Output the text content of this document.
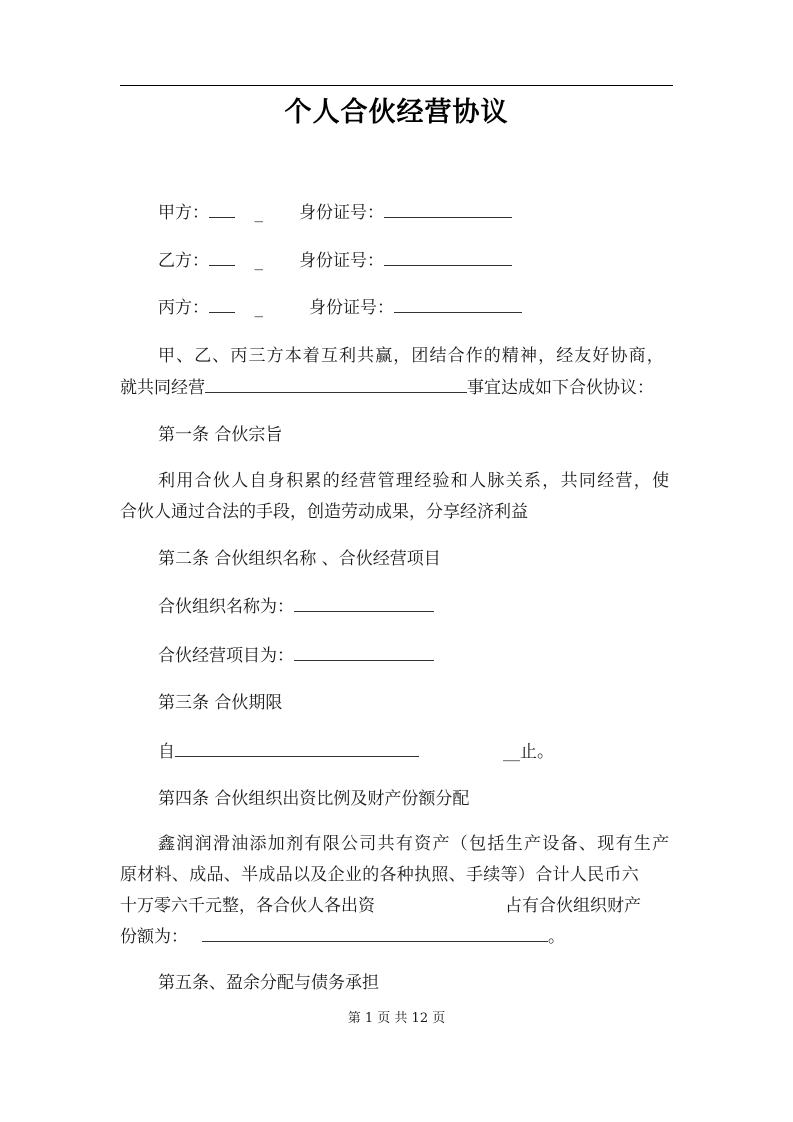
个人合伙经营协议
甲方：	_ 身份证号：
乙方：	_ 身份证号：
丙方：	_	身份证号：
甲、乙、丙三方本着互利共赢，团结合作的精神，经友好协商，
就共同经营	事宜达成如下合伙协议：
第一条 合伙宗旨
利用合伙人自身积累的经营管理经验和人脉关系，共同经营，使
合伙人通过合法的手段，创造劳动成果，分享经济利益
第二条 合伙组织名称 、合伙经营项目
合伙组织名称为：
合伙经营项目为：
第三条 合伙期限
自	__止。
第四条 合伙组织出资比例及财产份额分配
鑫润润滑油添加剂有限公司共有资产（包括生产设备、现有生产
原材料、成品、半成品以及企业的各种执照、手续等）合计人民币六
十万零六千元整，各合伙人各出资	占有合伙组织财产
份额为：	。
第五条、盈余分配与债务承担
第 1 页 共 12 页
